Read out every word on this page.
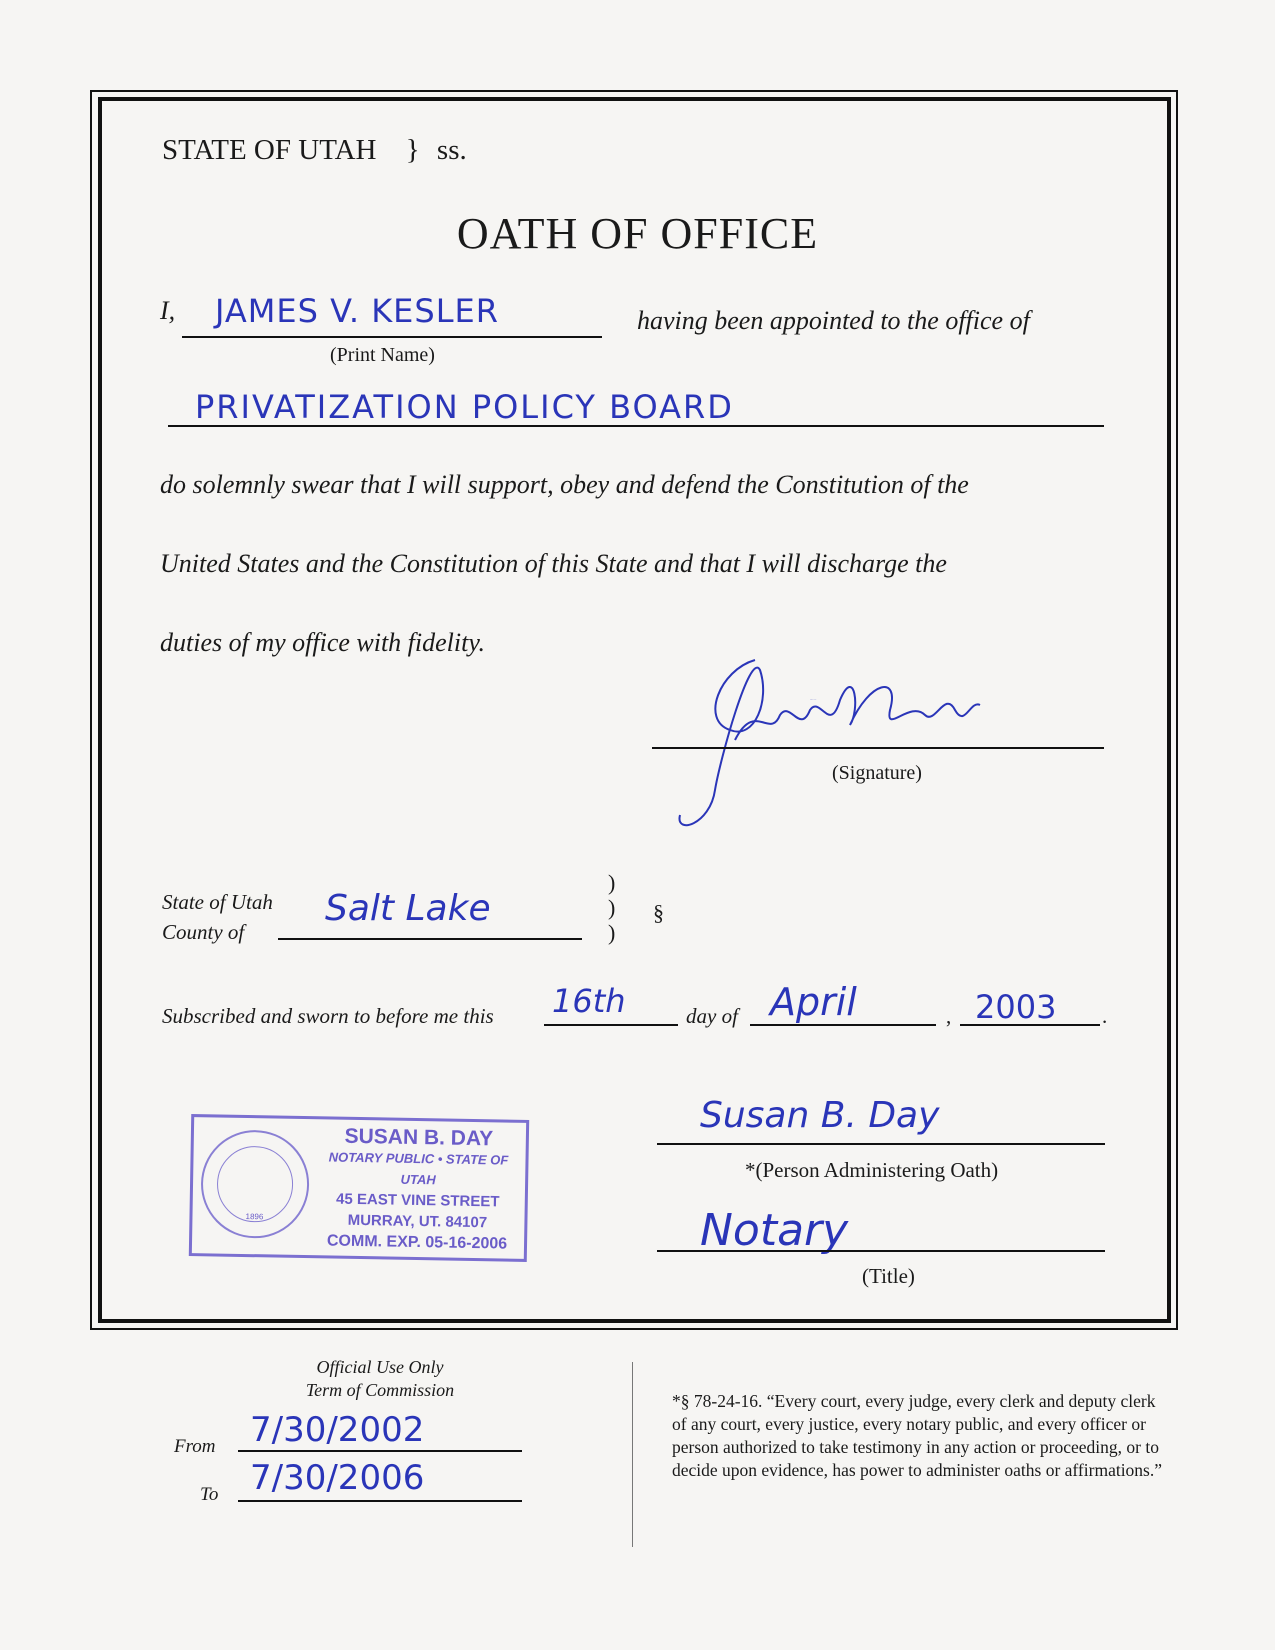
STATE OF UTAH } ss.
OATH OF OFFICE
I, JAMES V. KESLER
(Print Name)
having been appointed to the office of
PRIVATIZATION POLICY BOARD
do solemnly swear that I will support, obey and defend the Constitution of the
United States and the Constitution of this State and that I will discharge the
duties of my office with fidelity.
James V Kesler
(Signature)
State of Utah
County of
Salt Lake
)
)
)
§
Subscribed and sworn to before me this 16th	day of April	, 2003 .
Susan B. Day
*(Person Administering Oath)
Notary
(Title)
1896
SUSAN B. DAY
NOTARY PUBLIC • STATE OF UTAH
45 EAST VINE STREET
MURRAY, UT. 84107
COMM. EXP. 05-16-2006
Official Use Only
Term of Commission
From 7/30/2002
To 7/30/2006
*§ 78-24-16. “Every court, every judge, every clerk and deputy clerk of any court, every justice, every notary public, and every officer or person authorized to take testimony in any action or proceeding, or to decide upon evidence, has power to administer oaths or affirmations.”
